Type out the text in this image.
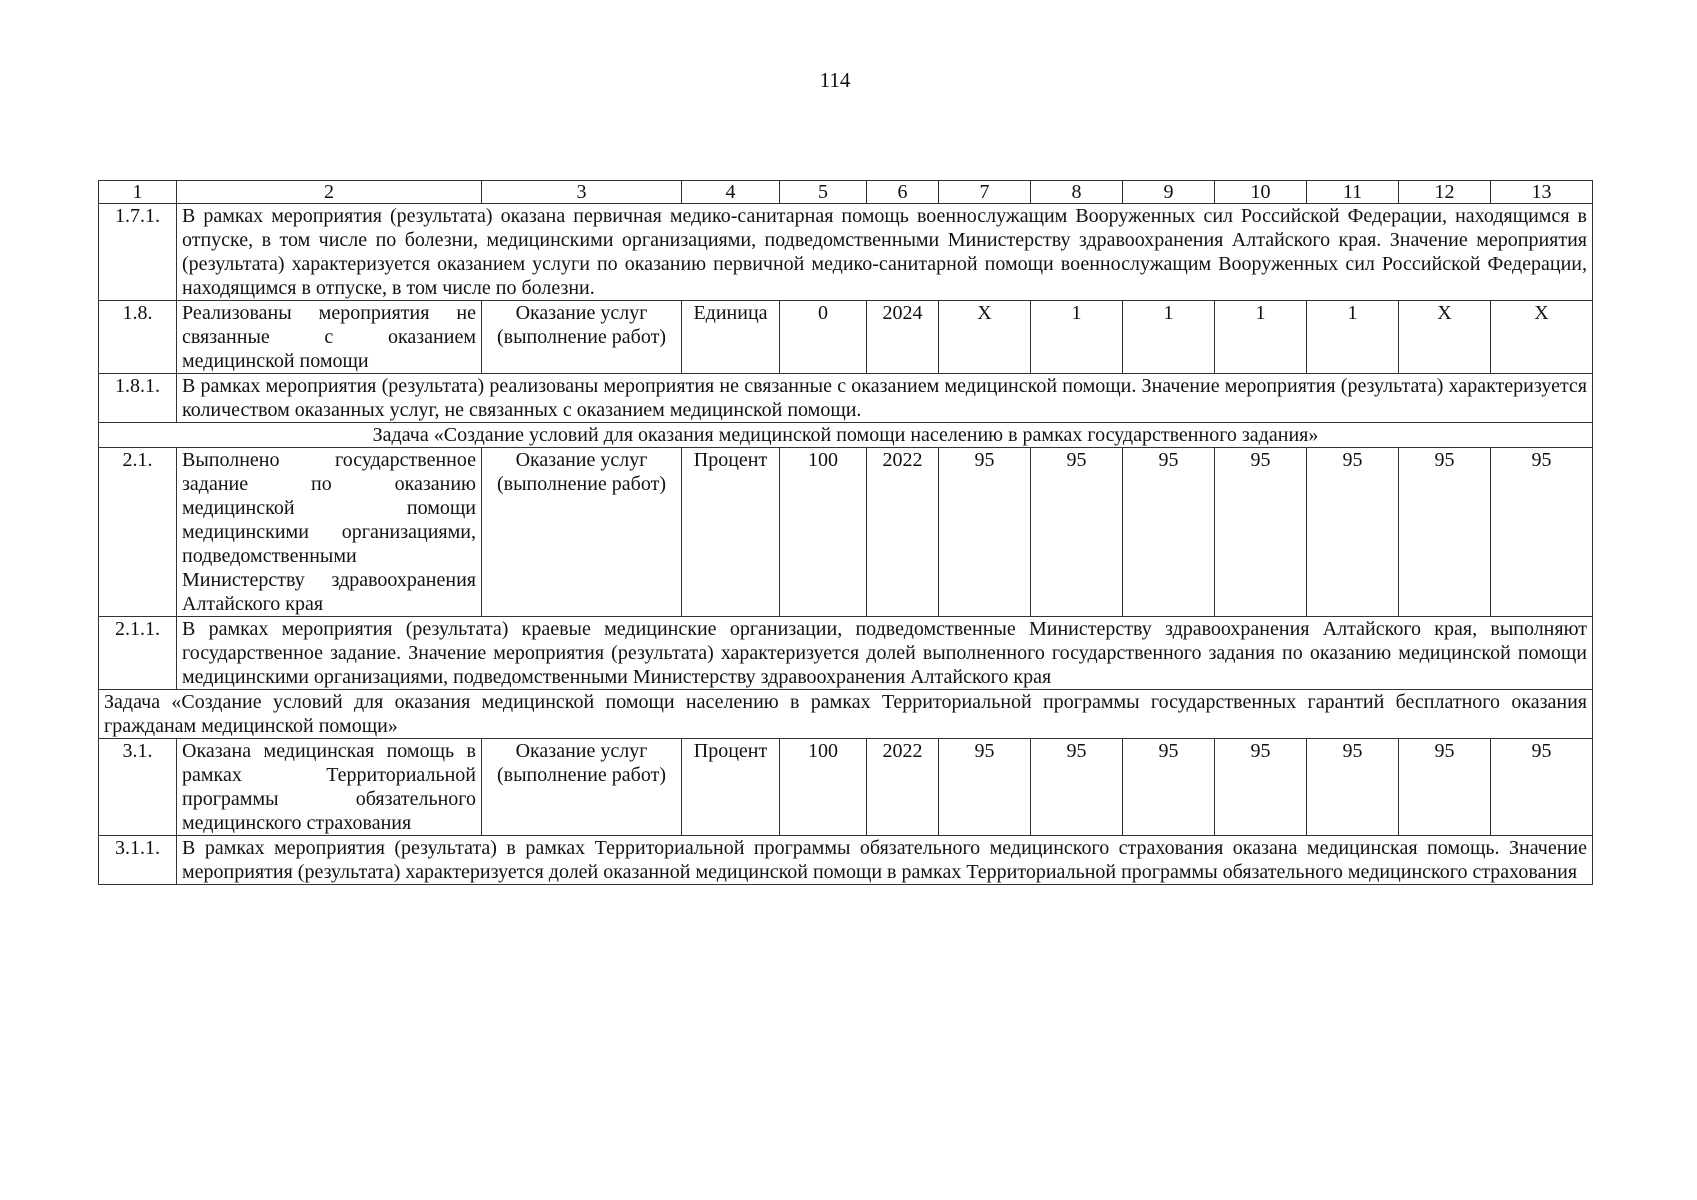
114
1	2	3	4	5	6	7	8	9	10	11	12	13
1.7.1.	В рамках мероприятия (результата) оказана первичная медико-санитарная помощь военнослужащим Вооруженных сил Российской Федерации, находящимся в отпуске, в том числе по болезни, медицинскими организациями, подведомственными Министерству здравоохранения Алтайского края. Значение мероприятия (результата) характеризуется оказанием услуги по оказанию первичной медико-санитарной помощи военнослужащим Вооруженных сил Российской Федерации, находящимся в отпуске, в том числе по болезни.											
1.8.	Реализованы мероприятия не связанные с оказанием медицинской помощи	Оказание услуг (выполнение работ)	Единица	0	2024	X	1	1	1	1	X	X
1.8.1.	В рамках мероприятия (результата) реализованы мероприятия не связанные с оказанием медицинской помощи. Значение мероприятия (результата) характеризуется количеством оказанных услуг, не связанных с оказанием медицинской помощи.											
Задача «Создание условий для оказания медицинской помощи населению в рамках государственного задания»												
2.1.	Выполнено государственное задание по оказанию медицинской помощи медицинскими организациями, подведомственными Министерству здравоохранения Алтайского края	Оказание услуг (выполнение работ)	Процент	100	2022	95	95	95	95	95	95	95
2.1.1.	В рамках мероприятия (результата) краевые медицинские организации, подведомственные Министерству здравоохранения Алтайского края, выполняют государственное задание. Значение мероприятия (результата) характеризуется долей выполненного государственного задания по оказанию медицинской помощи медицинскими организациями, подведомственными Министерству здравоохранения Алтайского края											
Задача «Создание условий для оказания медицинской помощи населению в рамках Территориальной программы государственных гарантий бесплатного оказания гражданам медицинской помощи»												
3.1.	Оказана медицинская помощь в рамках Территориальной программы обязательного медицинского страхования	Оказание услуг (выполнение работ)	Процент	100	2022	95	95	95	95	95	95	95
3.1.1.	В рамках мероприятия (результата) в рамках Территориальной программы обязательного медицинского страхования оказана медицинская помощь. Значение мероприятия (результата) характеризуется долей оказанной медицинской помощи в рамках Территориальной программы обязательного медицинского страхования											
